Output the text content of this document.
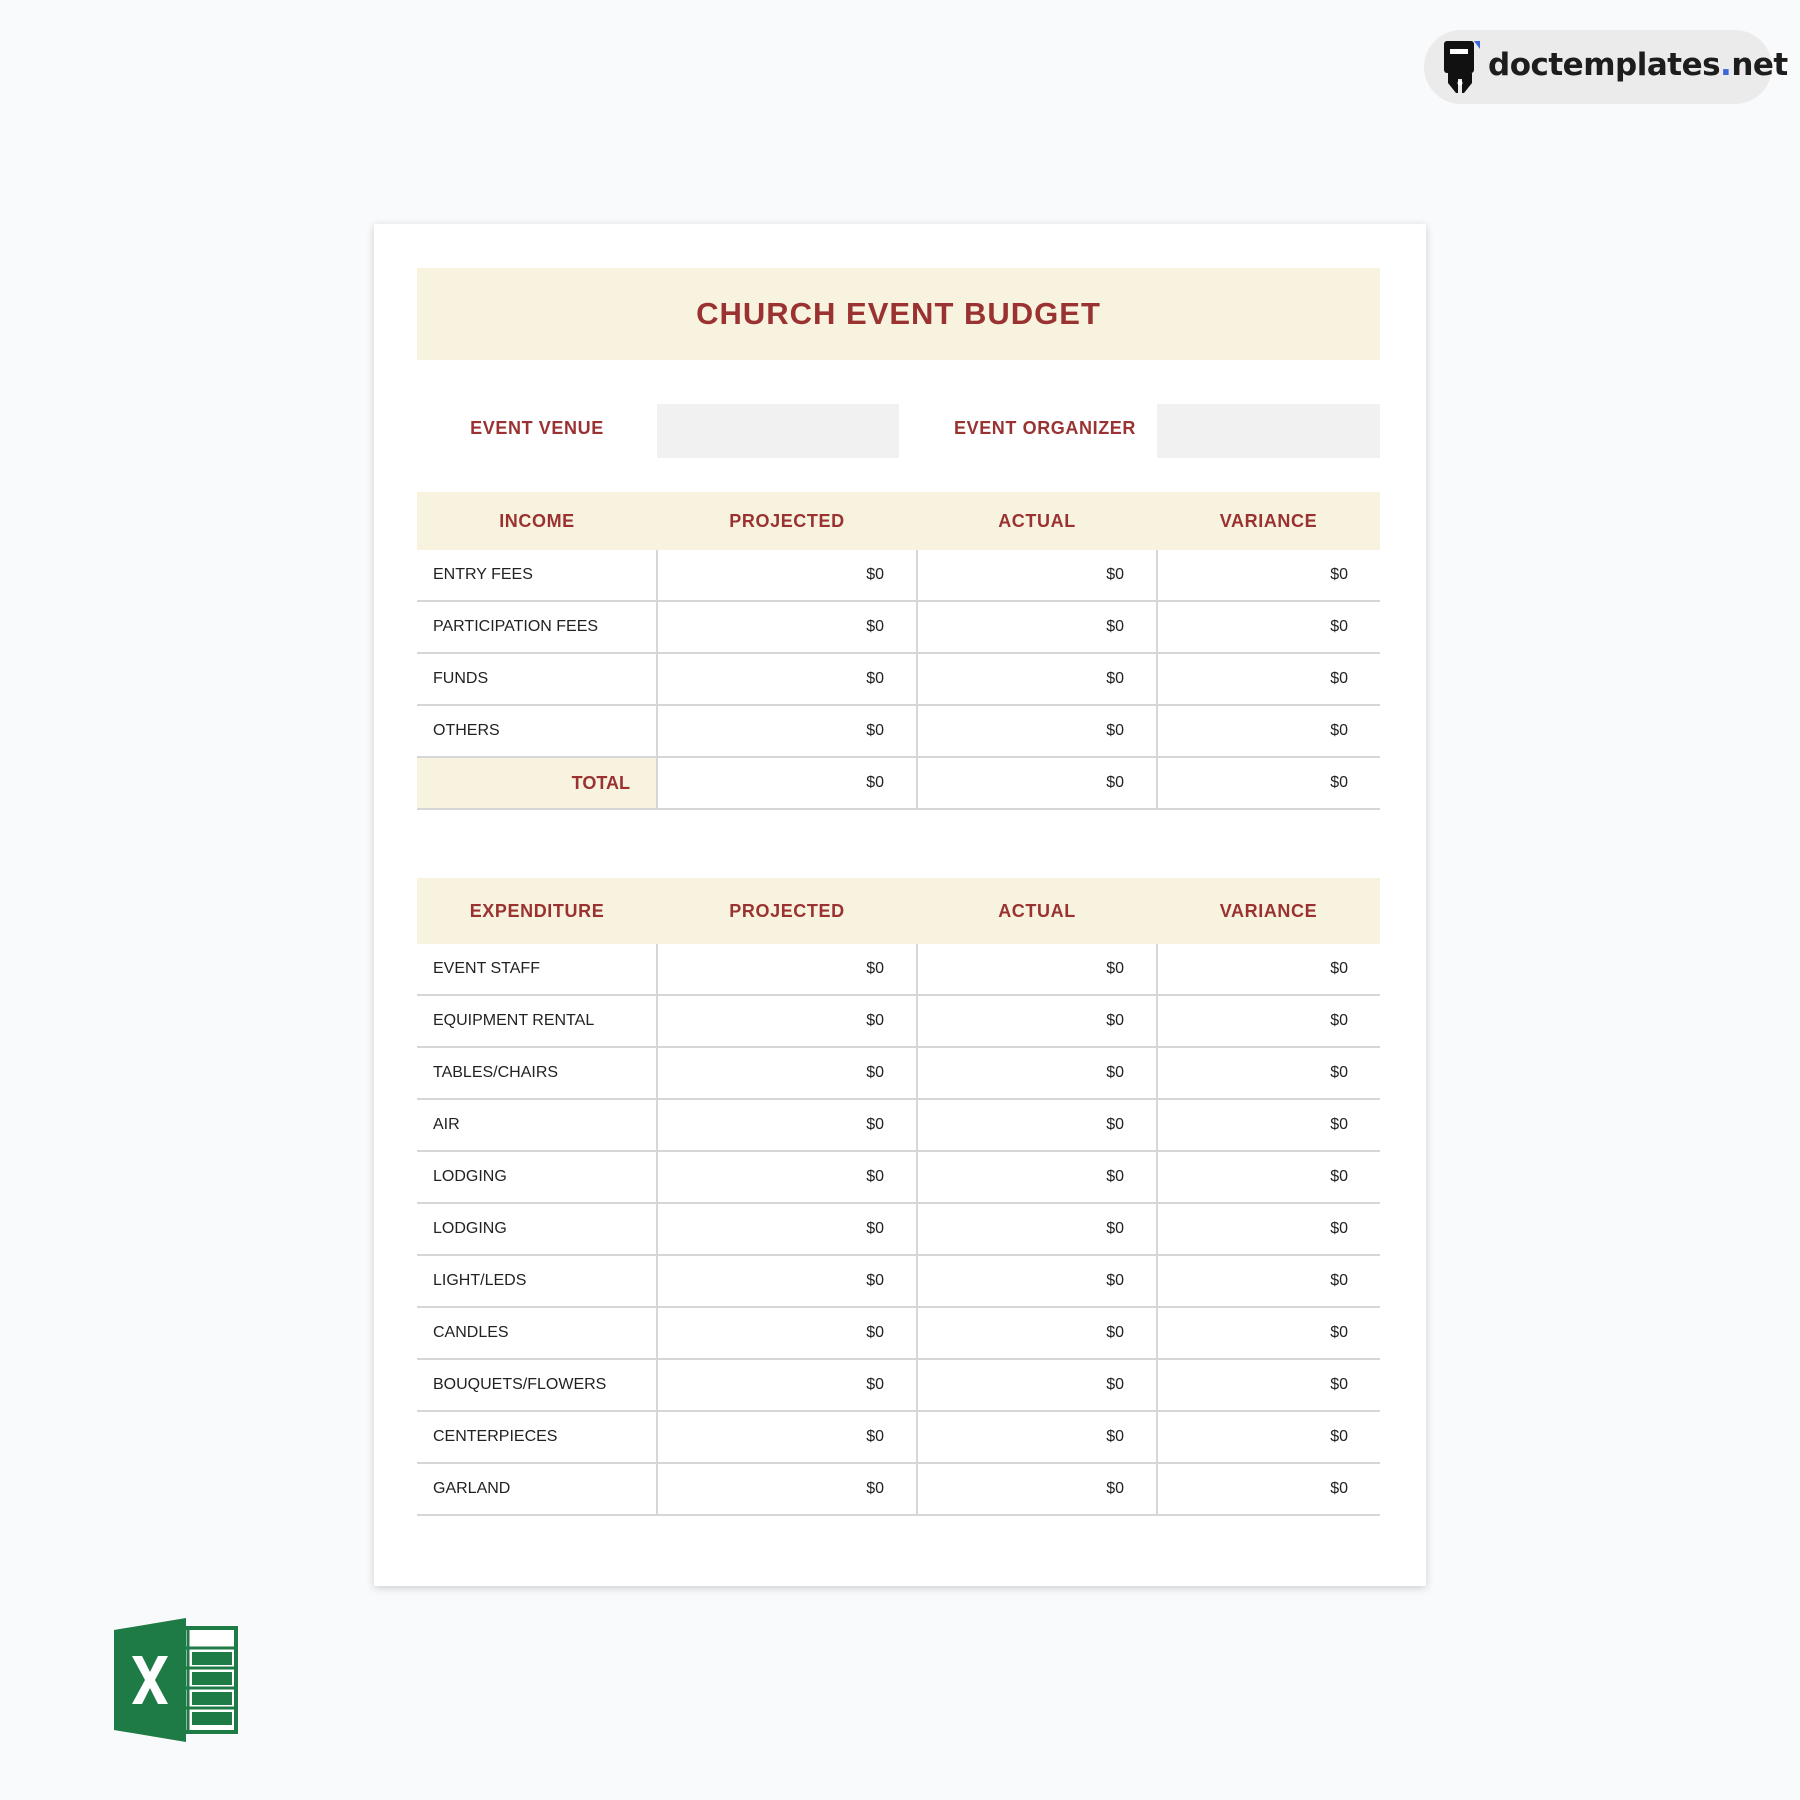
doctemplates.net
CHURCH EVENT BUDGET
EVENT VENUE	EVENT ORGANIZER
INCOME	PROJECTED	ACTUAL	VARIANCE
ENTRY FEES	$0	$0	$0
PARTICIPATION FEES	$0	$0	$0
FUNDS	$0	$0	$0
OTHERS	$0	$0	$0
TOTAL	$0	$0	$0
EXPENDITURE	PROJECTED	ACTUAL	VARIANCE
EVENT STAFF	$0	$0	$0
EQUIPMENT RENTAL	$0	$0	$0
TABLES/CHAIRS	$0	$0	$0
AIR	$0	$0	$0
LODGING	$0	$0	$0
LODGING	$0	$0	$0
LIGHT/LEDS	$0	$0	$0
CANDLES	$0	$0	$0
BOUQUETS/FLOWERS	$0	$0	$0
CENTERPIECES	$0	$0	$0
GARLAND	$0	$0	$0
